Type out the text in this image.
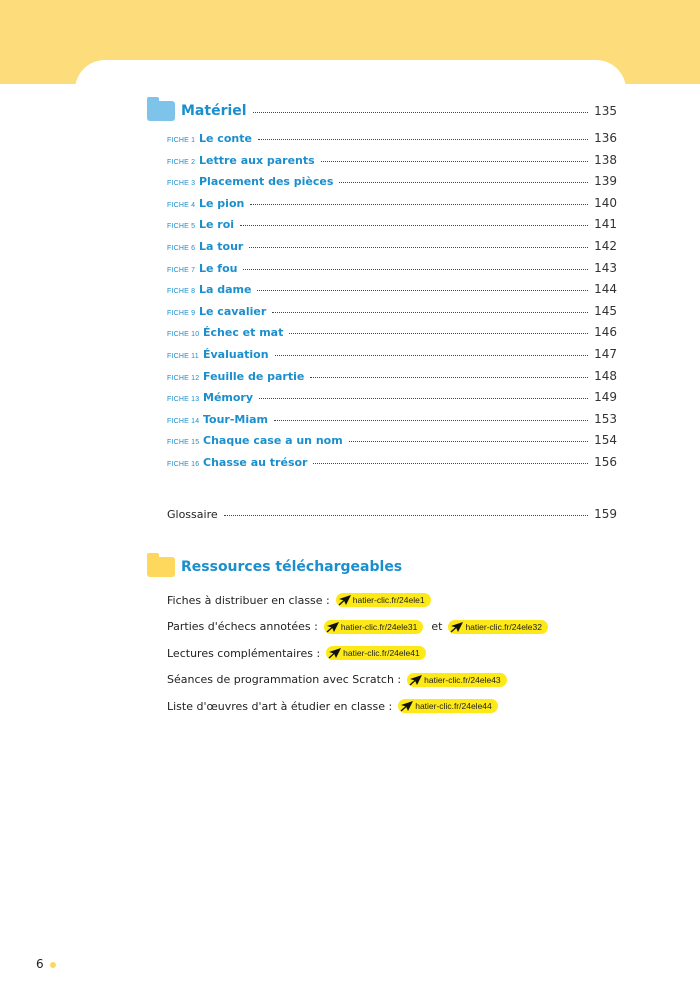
Matériel	135
FICHE 1 Le conte	136
FICHE 2 Lettre aux parents	138
FICHE 3 Placement des pièces	139
FICHE 4 Le pion	140
FICHE 5 Le roi	141
FICHE 6 La tour	142
FICHE 7 Le fou	143
FICHE 8 La dame	144
FICHE 9 Le cavalier	145
FICHE 10 Échec et mat	146
FICHE 11 Évaluation	147
FICHE 12 Feuille de partie	148
FICHE 13 Mémory	149
FICHE 14 Tour-Miam	153
FICHE 15 Chaque case a un nom	154
FICHE 16 Chasse au trésor	156
Glossaire	159
Ressources téléchargeables
Fiches à distribuer en classe :	hatier-clic.fr/24ele1
Parties d'échecs annotées :	hatier-clic.fr/24ele31 et	hatier-clic.fr/24ele32
Lectures complémentaires :	hatier-clic.fr/24ele41
Séances de programmation avec Scratch :	hatier-clic.fr/24ele43
Liste d'œuvres d'art à étudier en classe :	hatier-clic.fr/24ele44
6
